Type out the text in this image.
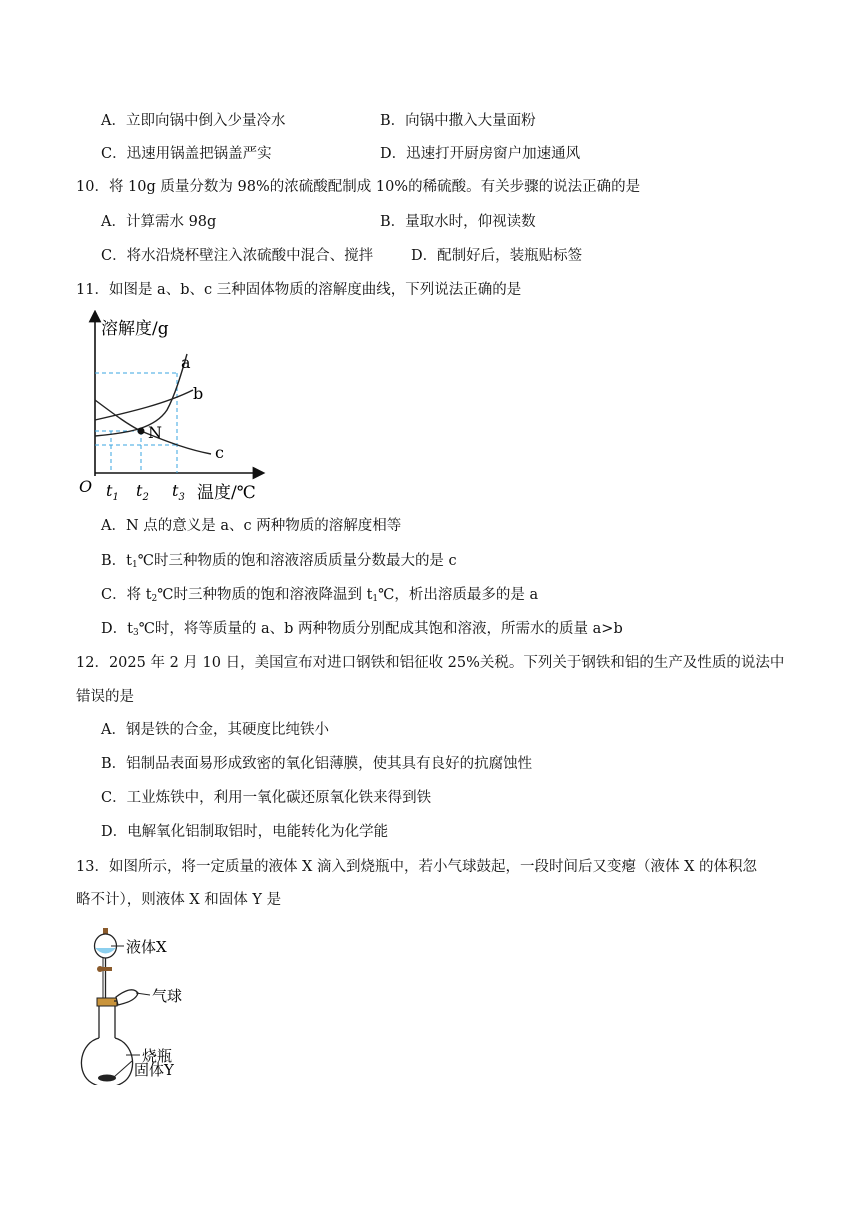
A．立即向锅中倒入少量冷水	B．向锅中撒入大量面粉
C．迅速用锅盖把锅盖严实	D．迅速打开厨房窗户加速通风
10．将 10g 质量分数为 98%的浓硫酸配制成 10%的稀硫酸。有关步骤的说法正确的是
A．计算需水 98g	B．量取水时，仰视读数
C．将水沿烧杯壁注入浓硫酸中混合、搅拌	D．配制好后，装瓶贴标签
11．如图是 a、b、c 三种固体物质的溶解度曲线，下列说法正确的是
溶解度/g
a
b
c
N
O $t_1$ $t_2$ $t_3$ 温度/℃
A．N 点的意义是 a、c 两种物质的溶解度相等
B．$t_1℃$时三种物质的饱和溶液溶质质量分数最大的是 c
C．将 $t_2℃$时三种物质的饱和溶液降温到 $t_1℃$，析出溶质最多的是 a
D．$t_3℃$时，将等质量的 a、b 两种物质分别配成其饱和溶液，所需水的质量 a>b
12．2025 年 2 月 10 日，美国宣布对进口钢铁和铝征收 25%关税。下列关于钢铁和铝的生产及性质的说法中
错误的是
A．钢是铁的合金，其硬度比纯铁小
B．铝制品表面易形成致密的氧化铝薄膜，使其具有良好的抗腐蚀性
C．工业炼铁中，利用一氧化碳还原氧化铁来得到铁
D．电解氧化铝制取铝时，电能转化为化学能
13．如图所示，将一定质量的液体 X 滴入到烧瓶中，若小气球鼓起，一段时间后又变瘪（液体 X 的体积忽
略不计），则液体 X 和固体 Y 是
液体X
气球
烧瓶
固体Y
